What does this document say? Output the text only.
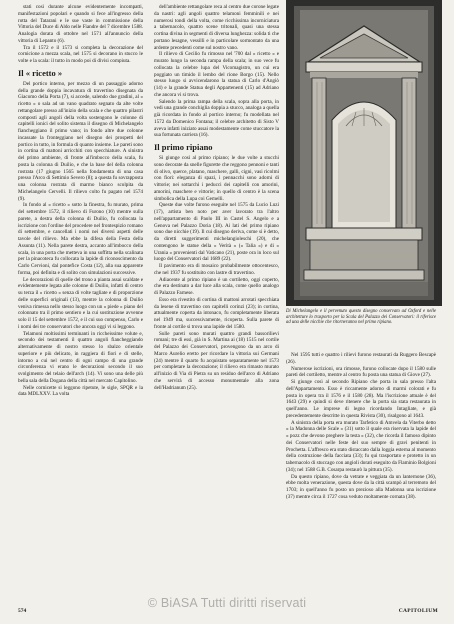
stati così durante alcune evidentemente incompatti, manifestazioni popolari e quando si fece all'ingresso della rotta del Tatarani e le sue vaste in commissione della Vittoria del Duce di Aldo nelle Fiandre del 7 dicembre 1588. Analogia dorata di ottobre nel 1571 all'annuncio della vittoria di Lepanto (6).

Tra il 1572 e il 1573 si completa la decorazione del cornicione a mezza scala, nel 1575 si decorano in stucco le volte e la scala: il tutto in modo poi di divisi compiuta.

Il « ricetto »

Del portico interno, per mezzo di un passaggio adorno della grande doppia incavatura di travertino disegnata da Giacomo della Porta (7), si accede, salendo due gradini, al « ricetto » o sala ad un vano quadrato segnato da alte volte rettangolare presso all'inizio della scala e che quattro pilastri composti agli angoli della volta sostengono le colonne di capitelli ionici del solito sistema il disegno di Michelangelo fiancheggiano il primo vano; in fondo altre due colonne incassate la fronteggiano nel disegno dei prospetti del portico in tutto, in formula di quanto insieme. Le pareti sono in cortina di mattoni arricchiti con specchiature. A sinistra del primo ambiente, di fronte all'imbocco della scala, fu posta la colonna di Duilio, e che la base del della colonna rostrata (17 giugno 1565 nella fondamenta di una casa presso l'Arco di Settimio Severo (8); a questa fu sovrapposta una colonna rostrata di marmo bianco scolpita da Michelangelo Cervelli. Il rilievo colto fu pagato nel 1574 (9).

In fondo al « ricetto » sotto la finestra, fu murato, prima del settembre 1572, il rilievo di Furono (10) mentre sulla parete, a destra della colonna di Duilio, fu collocata la iscrizione con l'ordine del procedere nel frontespizio romano di settembre, e cancellati i nomi nei diversi aspetti delle tavole del rilievo. Ma ebbe la difesa della Festa della Assunta (11). Nella parete destra, accanto all'imbocco della scala, in una porta che metteva in una soffitta nella scalinata per la pinacoteca fu collocata la lapide di riconoscimento da Carlo Cervioni, dal pontefice Costa (12), alla sua apparente forma, poi definita e di solito con simulazioni successive.

Le decorazioni di quelle del trono a pianta assai scaldate e evidentemente legata alle colonne di Duilio, infatti di centro su terza il « ricetto » senza di volte tagliate e di proporzione delle superfici originali (13), mentre la colonna di Duilio veniva rimessa nello stesso luogo con un « piede » piano del colonnato tra il primo sentiero e la cui sostituzione avvenne solo il 15 del settembre 1572, e il cui suo compenso, Carlo e i nomi dei tre conservatori che ancora oggi vi si leggono.

Telamoni moltissimi terminanti in riccheissime volute e, secondo dei testamenti il quattro angoli fiancheggiando alternativamente di nostro stesso lo sbalzo orientale superiore e più delicato, in raggiera di fiori e di stelle, intorno a cui nel centro di ogni campo di una grande circonferenza vi erano le decorazioni secondo il suo svolgimento del telaio dell'arch (14). Vi sono una delle più bella sala della Dogana della città nel mercato Capitolino.

Nelle cornicette si leggono ripetute, le sigle, SPQR e la data MDLXXV. La volta

dell'ambiente rettangolare reca al centro due corone legate da nastri: agli angoli quattro telamoni femminili e nei numerosi tondi della volta, come ricchissima incorniciatura a tabernacolo, quattro scene tritonali, quasi una stessa cortina divina in segmenti di diversa lunghezza: solida ti che portano lesagne, vessilli e in particolare sormontato da una ardente precedenti come sul nostro vano.

Il rilievo di Cecilio fu rimosso nel '700 dal « ricetto » e murato lungo la seconda rampa della scala; in suo vece fu collocata la celebre lupa del Vicomagistro, un cui era poggiato un timido il lembo del rione Borgo (15). Nello stesso luogo si avvicendarono la statua di Carlo d'Angiò (14) e la grande Statua degli Appartenenti (15) ad Adriano che ancora vi si trova.

Salendo la prima rampa della scala, sopra alla porta, in vedi una grande conchiglia doppia a stucco, analoga a quella già ricordata in fondo al portico interno; fu modellata nel 1572 da Domenico Fontana; il celebre architetto di Sisto V aveva infatti iniziato assai modestamente come stuccatore la sua fortunata carriera (16).

Il primo ripiano

Si giunge così al primo ripiano; le due volte a stucchi sono decorate da snelle figurette che reggono pennoni e tanti di olivo, querce, platano, maschere, galli, cigni, vasi ricolmi con fiori: eleganza di spazi, i pennacchi sono adorni di vittorie; nei sottarchi i peducci dei capitelli con amorini, amorini, maschere e vittorie; in quello di centro è la scena simbolica della Lupa coi Gemelli.

Queste due volte furono eseguite nel 1575 da Lucio Luzi (17), artista ben noto per aver lavorato tra l'altro nell'appartamento di Paolo III in Castel S. Angelo e a Genova nel Palazzo Doria (18). Ai lati del primo ripiano sono due nicchie (19). Il cui disegno deriva, come si è detto, da diretti suggerimenti michelangioleschi (20), che contengono le statue della « Verità » (« Talia ») e di « Urania » provenienti dal Vaticano (21), poste ora in loco sul luogo del Conservatori dal 1689 (22).

Il pavimento era di mosaico probabilmente ottocentesco, che nel 1937 fu sostituito con lastre di travertino.

Adiacente al primo ripiano è un cortiletto, oggi coperto, che era destinato a dar luce alla scala, come quello analogo di Palazzo Farnese.

Esso era rivestito di cortina di mattoni arrotati specchiata da lesene di travertino con capitelli corinzi (23); in cortina, attualmente coperta da intonaco, fu completamente liberata nel 1949 ma, successivamente, ricoperta. Sulla parete di fronte al cortile si trova una lapide del 1580.

Sulle pareti sono murati quattro grandi bassorilievi romani; tre di essi, già in S. Martina ai (18) 1515 nel cortile del Palazzo dei Conservatori, provengono da un arco di Marco Aurelio eretto per ricordare la vittoria sui Germani (24) mentre il quarto fu acquistato separatamente nel 1573 per completare la decorazione; il rilievo era rimasto murato all'inizio di Via di Pietra su un residuo dell'arco di Adriano che servirà di accesso monumentale alla zona dell'Hadrianum (25).

Di Michelangelo e il pervenuto questo disegno conservato ad Oxford e nelle architetture lo trasporto per la Scala del Palazzo dei Conservatori: il riferisce ad una delle nicchie che ritorneranno nel primo ripiano.

Nel 1595 tutti e quattro i rilievi furono restaurati da Ruggero Bescapè (26).

Numerose iscrizioni, ora rimosse, furono collocate dopo il 1580 sulle pareti del cortiletto, mentre al centro fu posta una statua di Giove (27).

Si giunge così al secondo Ripiano che porta in sala presso l'alta dell'Appartamento. Esso è riccamente adorno di marmi colorati e fu posta in opera tra il 1576 e il 1580 (28). Ma l'iscrizione attuale è del 1643 (29) e quindi si deve ritenere che la porta sia stata restaurata in quell'anno. Le imprese di legno ricordando Intagliate, e già precedentemente descritte in questa Rivista (30), risalgono al 1643.

A sinistra della porta era murato Tarfetico di Amvela da Viterbo detto « la Madonna delle Scale » (31) sotto il quale era riservata la lapide del « pozz che devono preghere la testa » (32), che ricorda il famoso dipinto dei Conservatori nelle feste del suo sempre di gravi penitenti in Prochetta. L'affresco era stato distaccato dalla loggia esterna al momento della costruzione della facciata (33); fu qui trasportato e protetto in un tabernacolo di stuccago con angioli dorati eseguito da Flaminio Bolgioni (34); nel 1588 G.B. Cosarpa restaurò la pittura (35).

Da questo ripiano, dove da vetrate e veggiata da un lanternone (36), ebbe molta venerazione, questa dove da la città scampò al terremoto del 1703; in quell'anno fu posto un prezioso alla Madonna una iscrizione (37) mentre circa il 1727 cosa veduto moltamente cornata (38).

574	CAPITOLIUM
© BiASA Tutti diritti riservati
